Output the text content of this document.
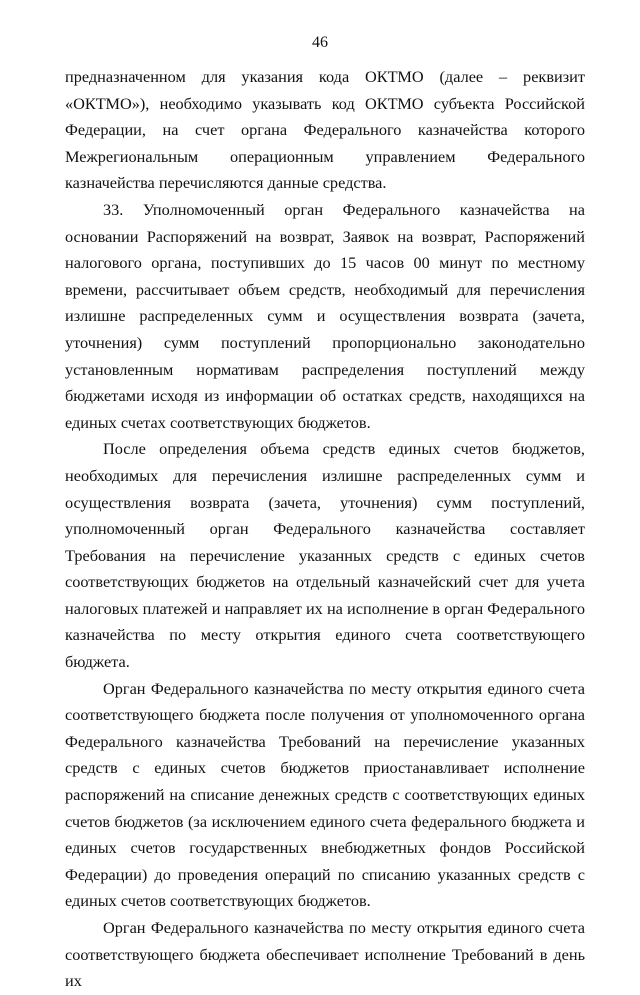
46

предназначенном для указания кода ОКТМО (далее – реквизит «ОКТМО»), необходимо указывать код ОКТМО субъекта Российской Федерации, на счет органа Федерального казначейства которого Межрегиональным операционным управлением Федерального казначейства перечисляются данные средства.

33. Уполномоченный орган Федерального казначейства на основании Распоряжений на возврат, Заявок на возврат, Распоряжений налогового органа, поступивших до 15 часов 00 минут по местному времени, рассчитывает объем средств, необходимый для перечисления излишне распределенных сумм и осуществления возврата (зачета, уточнения) сумм поступлений пропорционально законодательно установленным нормативам распределения поступлений между бюджетами исходя из информации об остатках средств, находящихся на единых счетах соответствующих бюджетов.

После определения объема средств единых счетов бюджетов, необходимых для перечисления излишне распределенных сумм и осуществления возврата (зачета, уточнения) сумм поступлений, уполномоченный орган Федерального казначейства составляет Требования на перечисление указанных средств с единых счетов соответствующих бюджетов на отдельный казначейский счет для учета налоговых платежей и направляет их на исполнение в орган Федерального казначейства по месту открытия единого счета соответствующего бюджета.

Орган Федерального казначейства по месту открытия единого счета соответствующего бюджета после получения от уполномоченного органа Федерального казначейства Требований на перечисление указанных средств с единых счетов бюджетов приостанавливает исполнение распоряжений на списание денежных средств с соответствующих единых счетов бюджетов (за исключением единого счета федерального бюджета и единых счетов государственных внебюджетных фондов Российской Федерации) до проведения операций по списанию указанных средств с единых счетов соответствующих бюджетов.

Орган Федерального казначейства по месту открытия единого счета соответствующего бюджета обеспечивает исполнение Требований в день их
